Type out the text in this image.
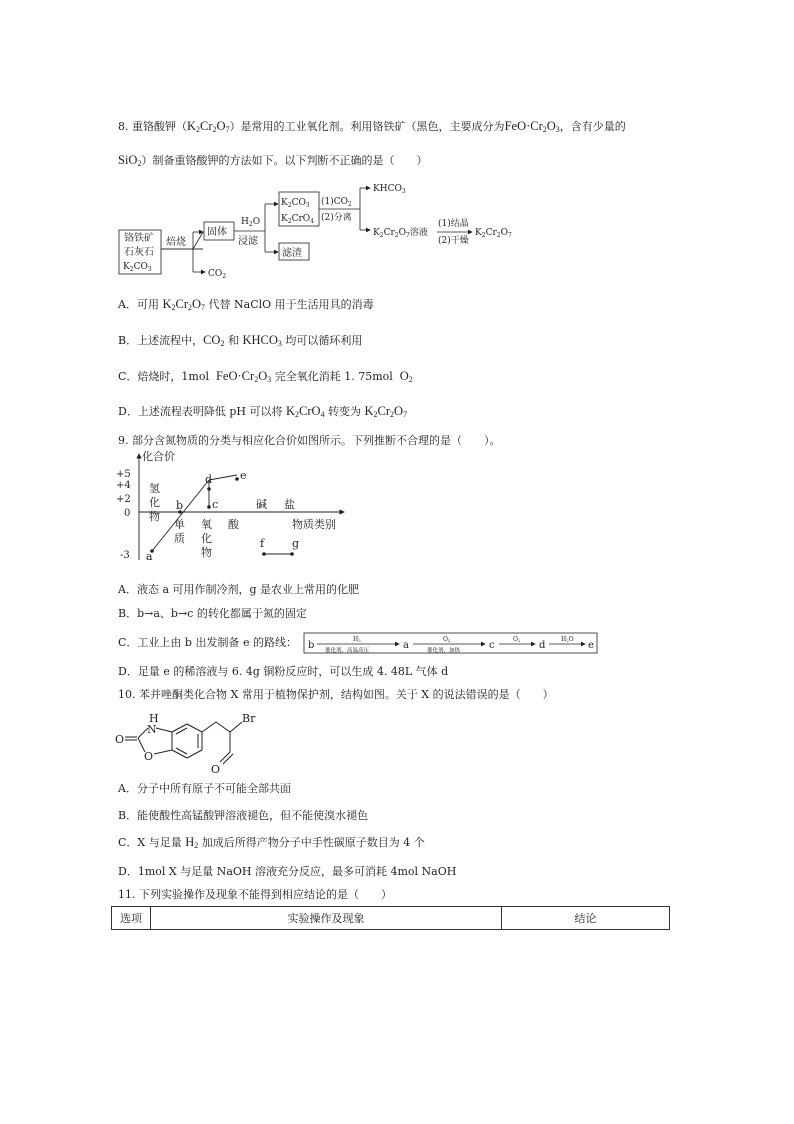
8. 重铬酸钾$(K_2Cr_2O_7)$是常用的工业氧化剂。利用铬铁矿（黑色，主要成分为$FeO\cdot Cr_2O_3$，含有少量的
SiO$_2$）制备重铬酸钾的方法如下。以下判断不正确的是（　　）
铬铁矿
石灰石
$K_2CO_3$
焙烧
$CO_2$
固体
$H_2O$
浸滤
$K_2CO_3$
$K_2CrO_4$
$(1)CO_2$
(2)分离
滤渣
$KHCO_3$
$K_2Cr_2O_7$溶液
(1)结晶
(2)干燥
$K_2Cr_2O_7$
A．可用 $K_2Cr_2O_7$ 代替 NaClO 用于生活用具的消毒
B．上述流程中，$CO_2$ 和 $KHCO_3$ 均可以循环利用
C．焙烧时，1mol  $FeO\cdot Cr_2O_3$ 完全氧化消耗 1. 75mol  $O_2$
D．上述流程表明降低 pH 可以将 $K_2CrO_4$ 转变为 $K_2Cr_2O_7$
9. 部分含氮物质的分类与相应化合价如图所示。下列推断不合理的是（　　）。
化合价
+5
+4
+2
0
-3
氢
化
物
单
质
氧
化
物
酸
碱 盐
物质类别
a
b	c
d	e
f	g
A．液态 a 可用作制冷剂，g 是农业上常用的化肥
B．b→a、b→c 的转化都属于氮的固定
C．工业上由 b 出发制备 e 的路线： b	a	c	d	e
H2
催化剂、高温高压
O2
催化剂，加热
O2	H2O
D．足量 e 的稀溶液与 6. 4g 铜粉反应时，可以生成 4. 48L 气体 d
10. 苯并唑酮类化合物 X 常用于植物保护剂，结构如图。关于 X 的说法错误的是（　　）
H
N
O
O
Br
O
A．分子中所有原子不可能全部共面
B．能使酸性高锰酸钾溶液褪色，但不能使溴水褪色
C．X 与足量 $H_2$ 加成后所得产物分子中手性碳原子数目为 4 个
D．1mol X 与足量 NaOH 溶液充分反应，最多可消耗 4mol NaOH
11. 下列实验操作及现象不能得到相应结论的是（　　）
选项	实验操作及现象	结论
